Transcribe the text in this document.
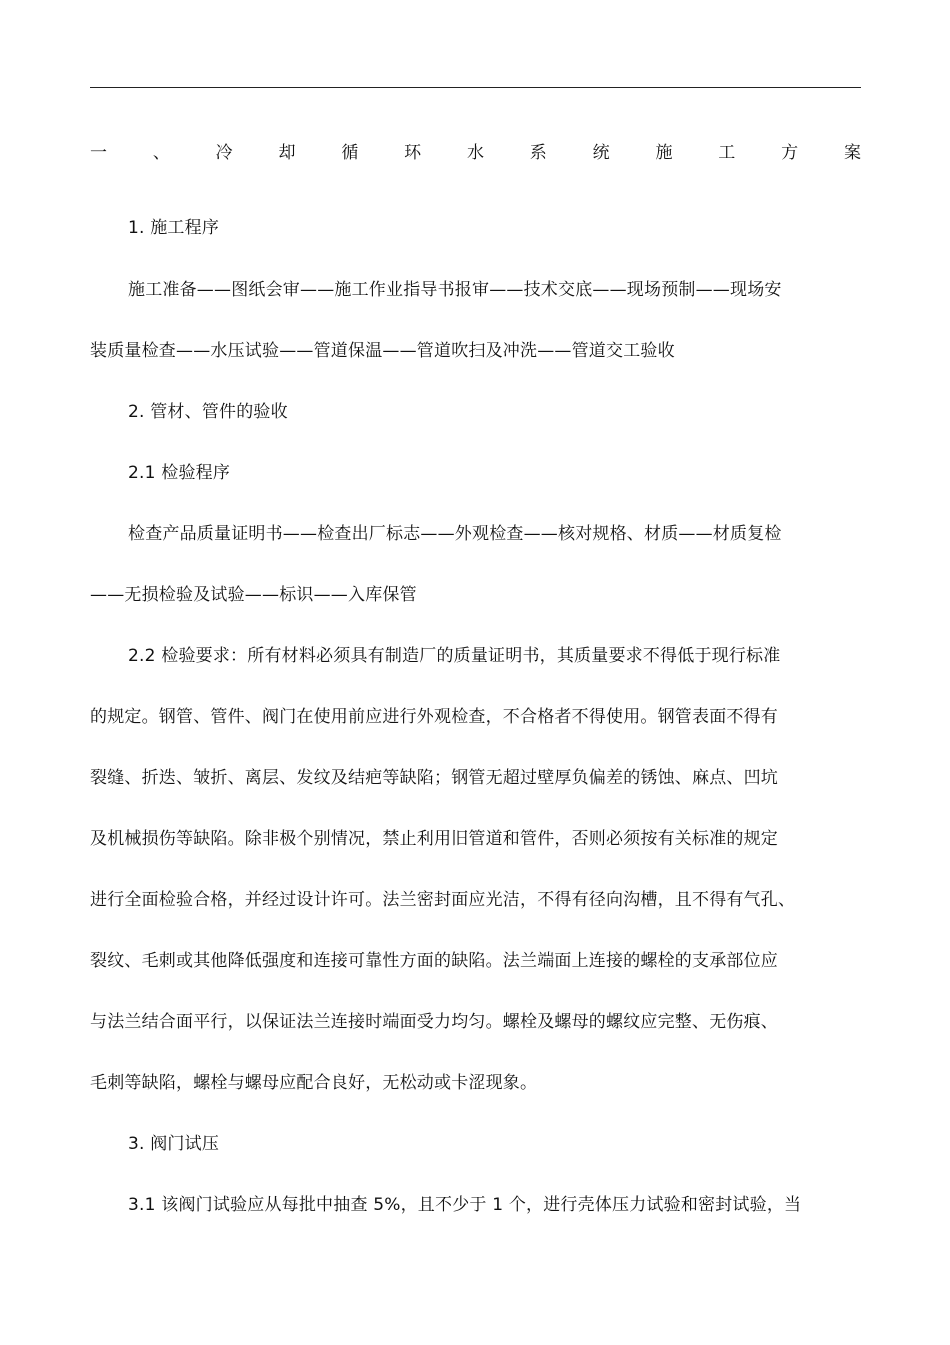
一	、	冷	却	循	环	水	系	统	施	工	方	案
1. 施工程序
施工准备——图纸会审——施工作业指导书报审——技术交底——现场预制——现场安
装质量检查——水压试验——管道保温——管道吹扫及冲洗——管道交工验收
2. 管材、管件的验收
2.1 检验程序
检查产品质量证明书——检查出厂标志——外观检查——核对规格、材质——材质复检
——无损检验及试验——标识——入库保管
2.2 检验要求：所有材料必须具有制造厂的质量证明书，其质量要求不得低于现行标准
的规定。钢管、管件、阀门在使用前应进行外观检查，不合格者不得使用。钢管表面不得有
裂缝、折迭、皱折、离层、发纹及结疤等缺陷；钢管无超过壁厚负偏差的锈蚀、麻点、凹坑
及机械损伤等缺陷。除非极个别情况，禁止利用旧管道和管件，否则必须按有关标准的规定
进行全面检验合格，并经过设计许可。法兰密封面应光洁，不得有径向沟槽，且不得有气孔、
裂纹、毛刺或其他降低强度和连接可靠性方面的缺陷。法兰端面上连接的螺栓的支承部位应
与法兰结合面平行，以保证法兰连接时端面受力均匀。螺栓及螺母的螺纹应完整、无伤痕、
毛刺等缺陷，螺栓与螺母应配合良好，无松动或卡涩现象。
3. 阀门试压
3.1 该阀门试验应从每批中抽查 5%，且不少于 1 个，进行壳体压力试验和密封试验，当
